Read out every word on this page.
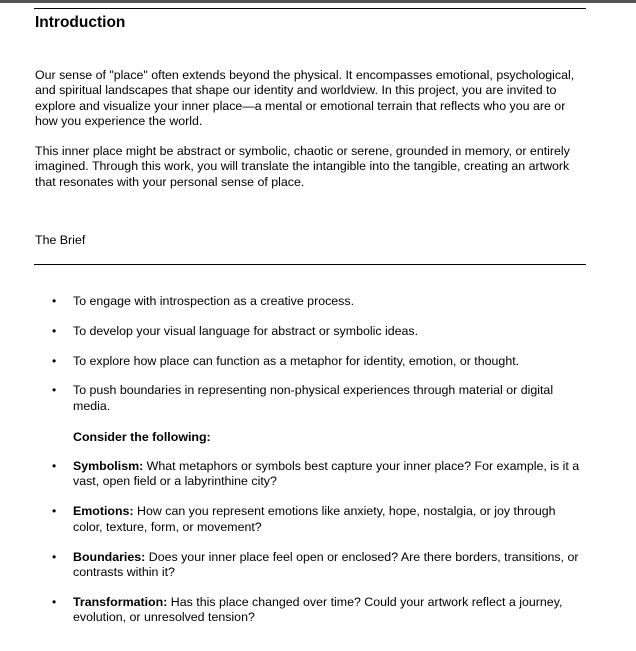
Introduction

Our sense of "place" often extends beyond the physical. It encompasses emotional, psychological, and spiritual landscapes that shape our identity and worldview. In this project, you are invited to explore and visualize your inner place—a mental or emotional terrain that reflects who you are or how you experience the world.

This inner place might be abstract or symbolic, chaotic or serene, grounded in memory, or entirely imagined. Through this work, you will translate the intangible into the tangible, creating an artwork that resonates with your personal sense of place.

The Brief
• To engage with introspection as a creative process.
• To develop your visual language for abstract or symbolic ideas.
• To explore how place can function as a metaphor for identity, emotion, or thought.
• To push boundaries in representing non-physical experiences through material or digital media.
Consider the following:
• Symbolism: What metaphors or symbols best capture your inner place? For example, is it a vast, open field or a labyrinthine city?
• Emotions: How can you represent emotions like anxiety, hope, nostalgia, or joy through color, texture, form, or movement?
• Boundaries: Does your inner place feel open or enclosed? Are there borders, transitions, or contrasts within it?
• Transformation: Has this place changed over time? Could your artwork reflect a journey, evolution, or unresolved tension?
